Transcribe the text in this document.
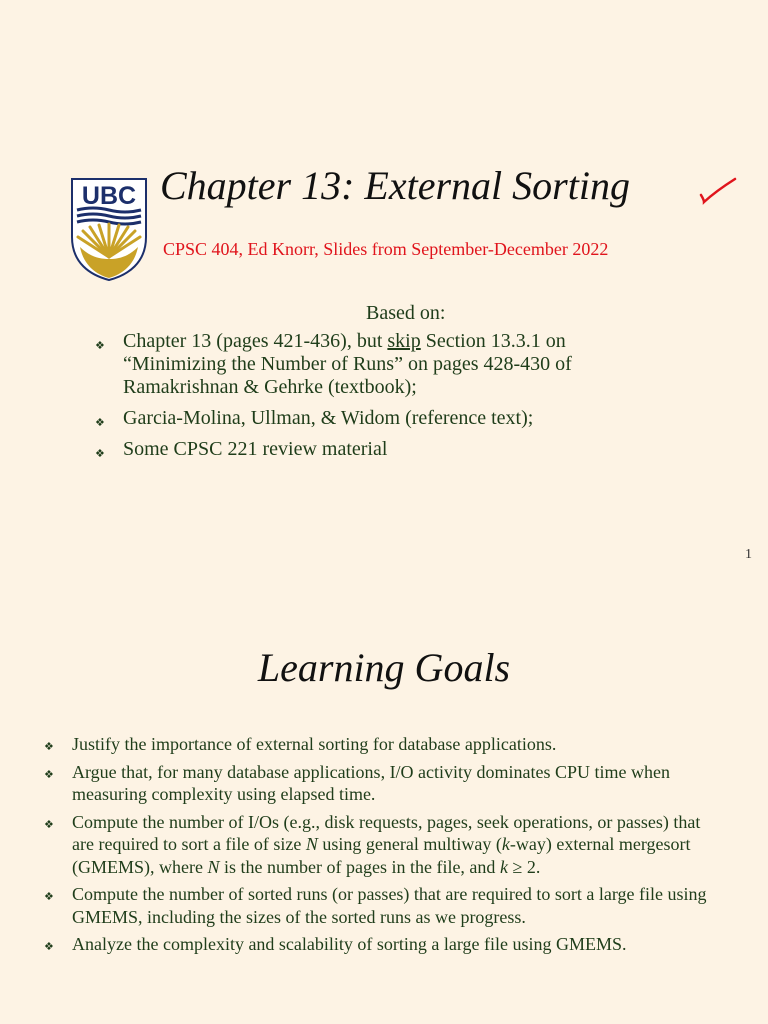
UBC Chapter 13: External Sorting
CPSC 404, Ed Knorr, Slides from September-December 2022
Based on:
❖ Chapter 13 (pages 421-436), but skip Section 13.3.1 on “Minimizing the Number of Runs” on pages 428-430 of Ramakrishnan & Gehrke (textbook);
❖ Garcia-Molina, Ullman, & Widom (reference text);
❖ Some CPSC 221 review material
1
Learning Goals
❖ Justify the importance of external sorting for database applications.
❖ Argue that, for many database applications, I/O activity dominates CPU time when measuring complexity using elapsed time.
❖ Compute the number of I/Os (e.g., disk requests, pages, seek operations, or passes) that are required to sort a file of size N using general multiway (k-way) external mergesort (GMEMS), where N is the number of pages in the file, and k ≥ 2.
❖ Compute the number of sorted runs (or passes) that are required to sort a large file using GMEMS, including the sizes of the sorted runs as we progress.
❖ Analyze the complexity and scalability of sorting a large file using GMEMS.
